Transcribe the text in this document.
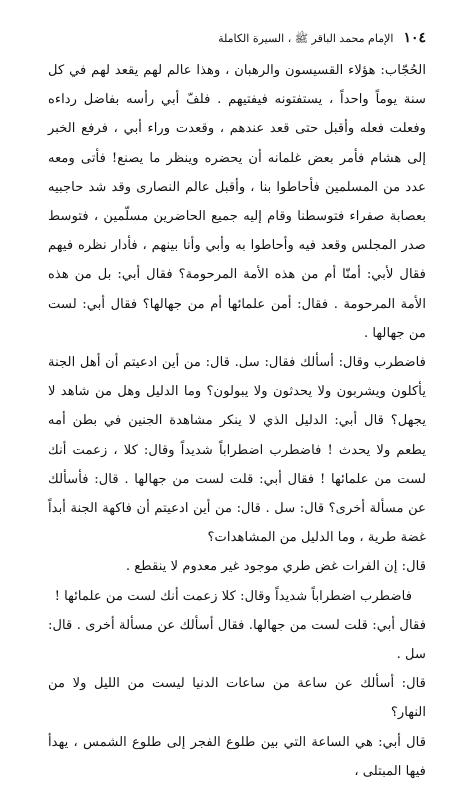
١٠٤
الإمام محمد الباقر ﷺ ، السيرة الكاملة

الحُجّاب: هؤلاء القسيسون والرهبان ، وهذا عالم لهم يقعد لهم في كل سنة يوماً واحداً ، يستفتونه فيفتيهم . فلفّ أبي رأسه بفاضل رداءه وفعلت فعله وأقبل حتى قعد عندهم ، وقعدت وراء أبي ، فرفع الخبر إلى هشام فأمر بعض غلمانه أن يحضره وينظر ما يصنع! فأتى ومعه عدد من المسلمين فأحاطوا بنا ، وأقبل عالم النصارى وقد شد حاجبيه بعصابة صفراء فتوسطنا وقام إليه جميع الحاضرين مسلّمين ، فتوسط صدر المجلس وقعد فيه وأحاطوا به وأبي وأنا بينهم ، فأدار نظره فيهم فقال لأبي: أمنّا أم من هذه الأمة المرحومة؟ فقال أبي: بل من هذه الأمة المرحومة . فقال: أمن علمائها أم من جهالها؟ فقال أبي: لست من جهالها .

فاضطرب وقال: أسألك فقال: سل. قال: من أين ادعيتم أن أهل الجنة يأكلون ويشربون ولا يحدثون ولا يبولون؟ وما الدليل وهل من شاهد لا يجهل؟ قال أبي: الدليل الذي لا ينكر مشاهدة الجنين في بطن أمه يطعم ولا يحدث ! فاضطرب اضطراباً شديداً وقال: كلا ، زعمت أنك لست من علمائها ! فقال أبي: قلت لست من جهالها . قال: فأسألك عن مسألة أخرى؟ قال: سل . قال: من أين ادعيتم أن فاكهة الجنة أبداً غضة طرية ، وما الدليل من المشاهدات؟

قال: إن الفرات غض طري موجود غير معدوم لا ينقطع .

فاضطرب اضطراباً شديداً وقال: كلا زعمت أنك لست من علمائها !

فقال أبي: قلت لست من جهالها. فقال أسألك عن مسألة أخرى . قال: سل .

قال: أسألك عن ساعة من ساعات الدنيا ليست من الليل ولا من النهار؟

قال أبي: هي الساعة التي بين طلوع الفجر إلى طلوع الشمس ، يهدأ فيها المبتلى ،
